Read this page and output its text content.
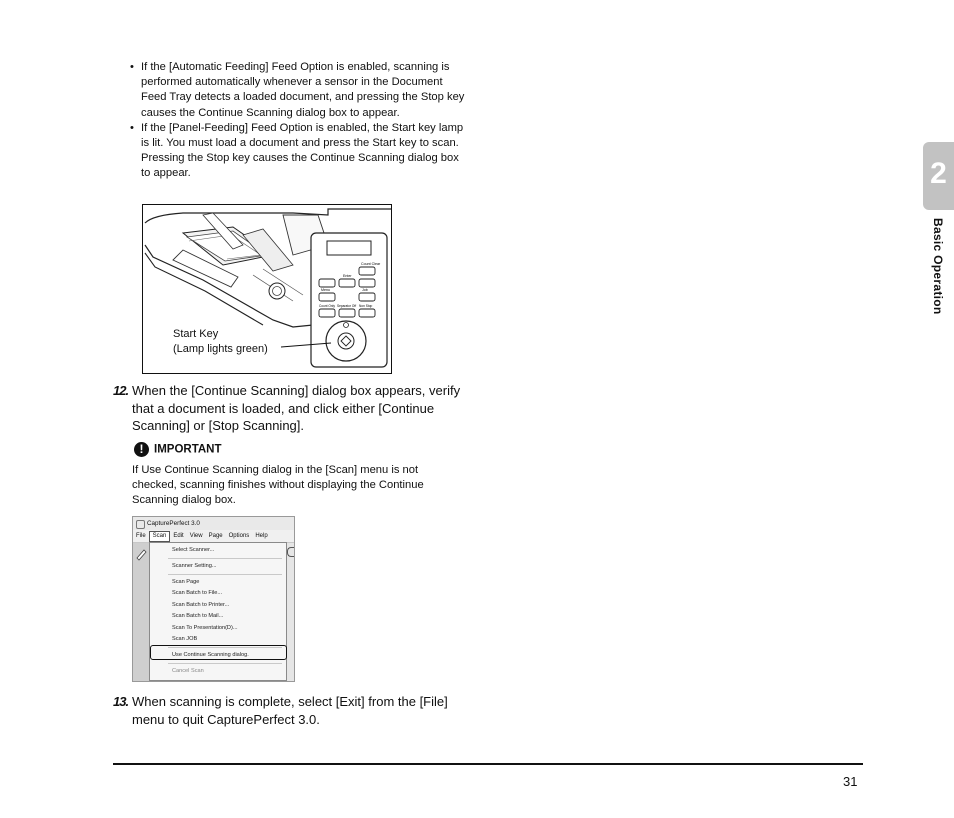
• If the [Automatic Feeding] Feed Option is enabled, scanning is performed automatically whenever a sensor in the Document Feed Tray detects a loaded document, and pressing the Stop key causes the Continue Scanning dialog box to appear.
• If the [Panel-Feeding] Feed Option is enabled, the Start key lamp is lit. You must load a document and press the Start key to scan. Pressing the Stop key causes the Continue Scanning dialog box to appear.
Count Clear
Enter
Menu	Job
Count Only Separator Off Non Stop
Start Key
(Lamp lights green)
12. When the [Continue Scanning] dialog box appears, verify that a document is loaded, and click either [Continue Scanning] or [Stop Scanning].
! IMPORTANT
If Use Continue Scanning dialog in the [Scan] menu is not checked, scanning finishes without displaying the Continue Scanning dialog box.
CapturePerfect 3.0
File Scan Edit View Page Options Help
Select Scanner...
Scanner Setting...
Scan Page
Scan Batch to File...
Scan Batch to Printer...
Scan Batch to Mail...
Scan To Presentation(D)...
Scan JOB
Use Continue Scanning dialog.
Cancel Scan
13. When scanning is complete, select [Exit] from the [File] menu to quit CapturePerfect 3.0.
31
2
Basic Operation
